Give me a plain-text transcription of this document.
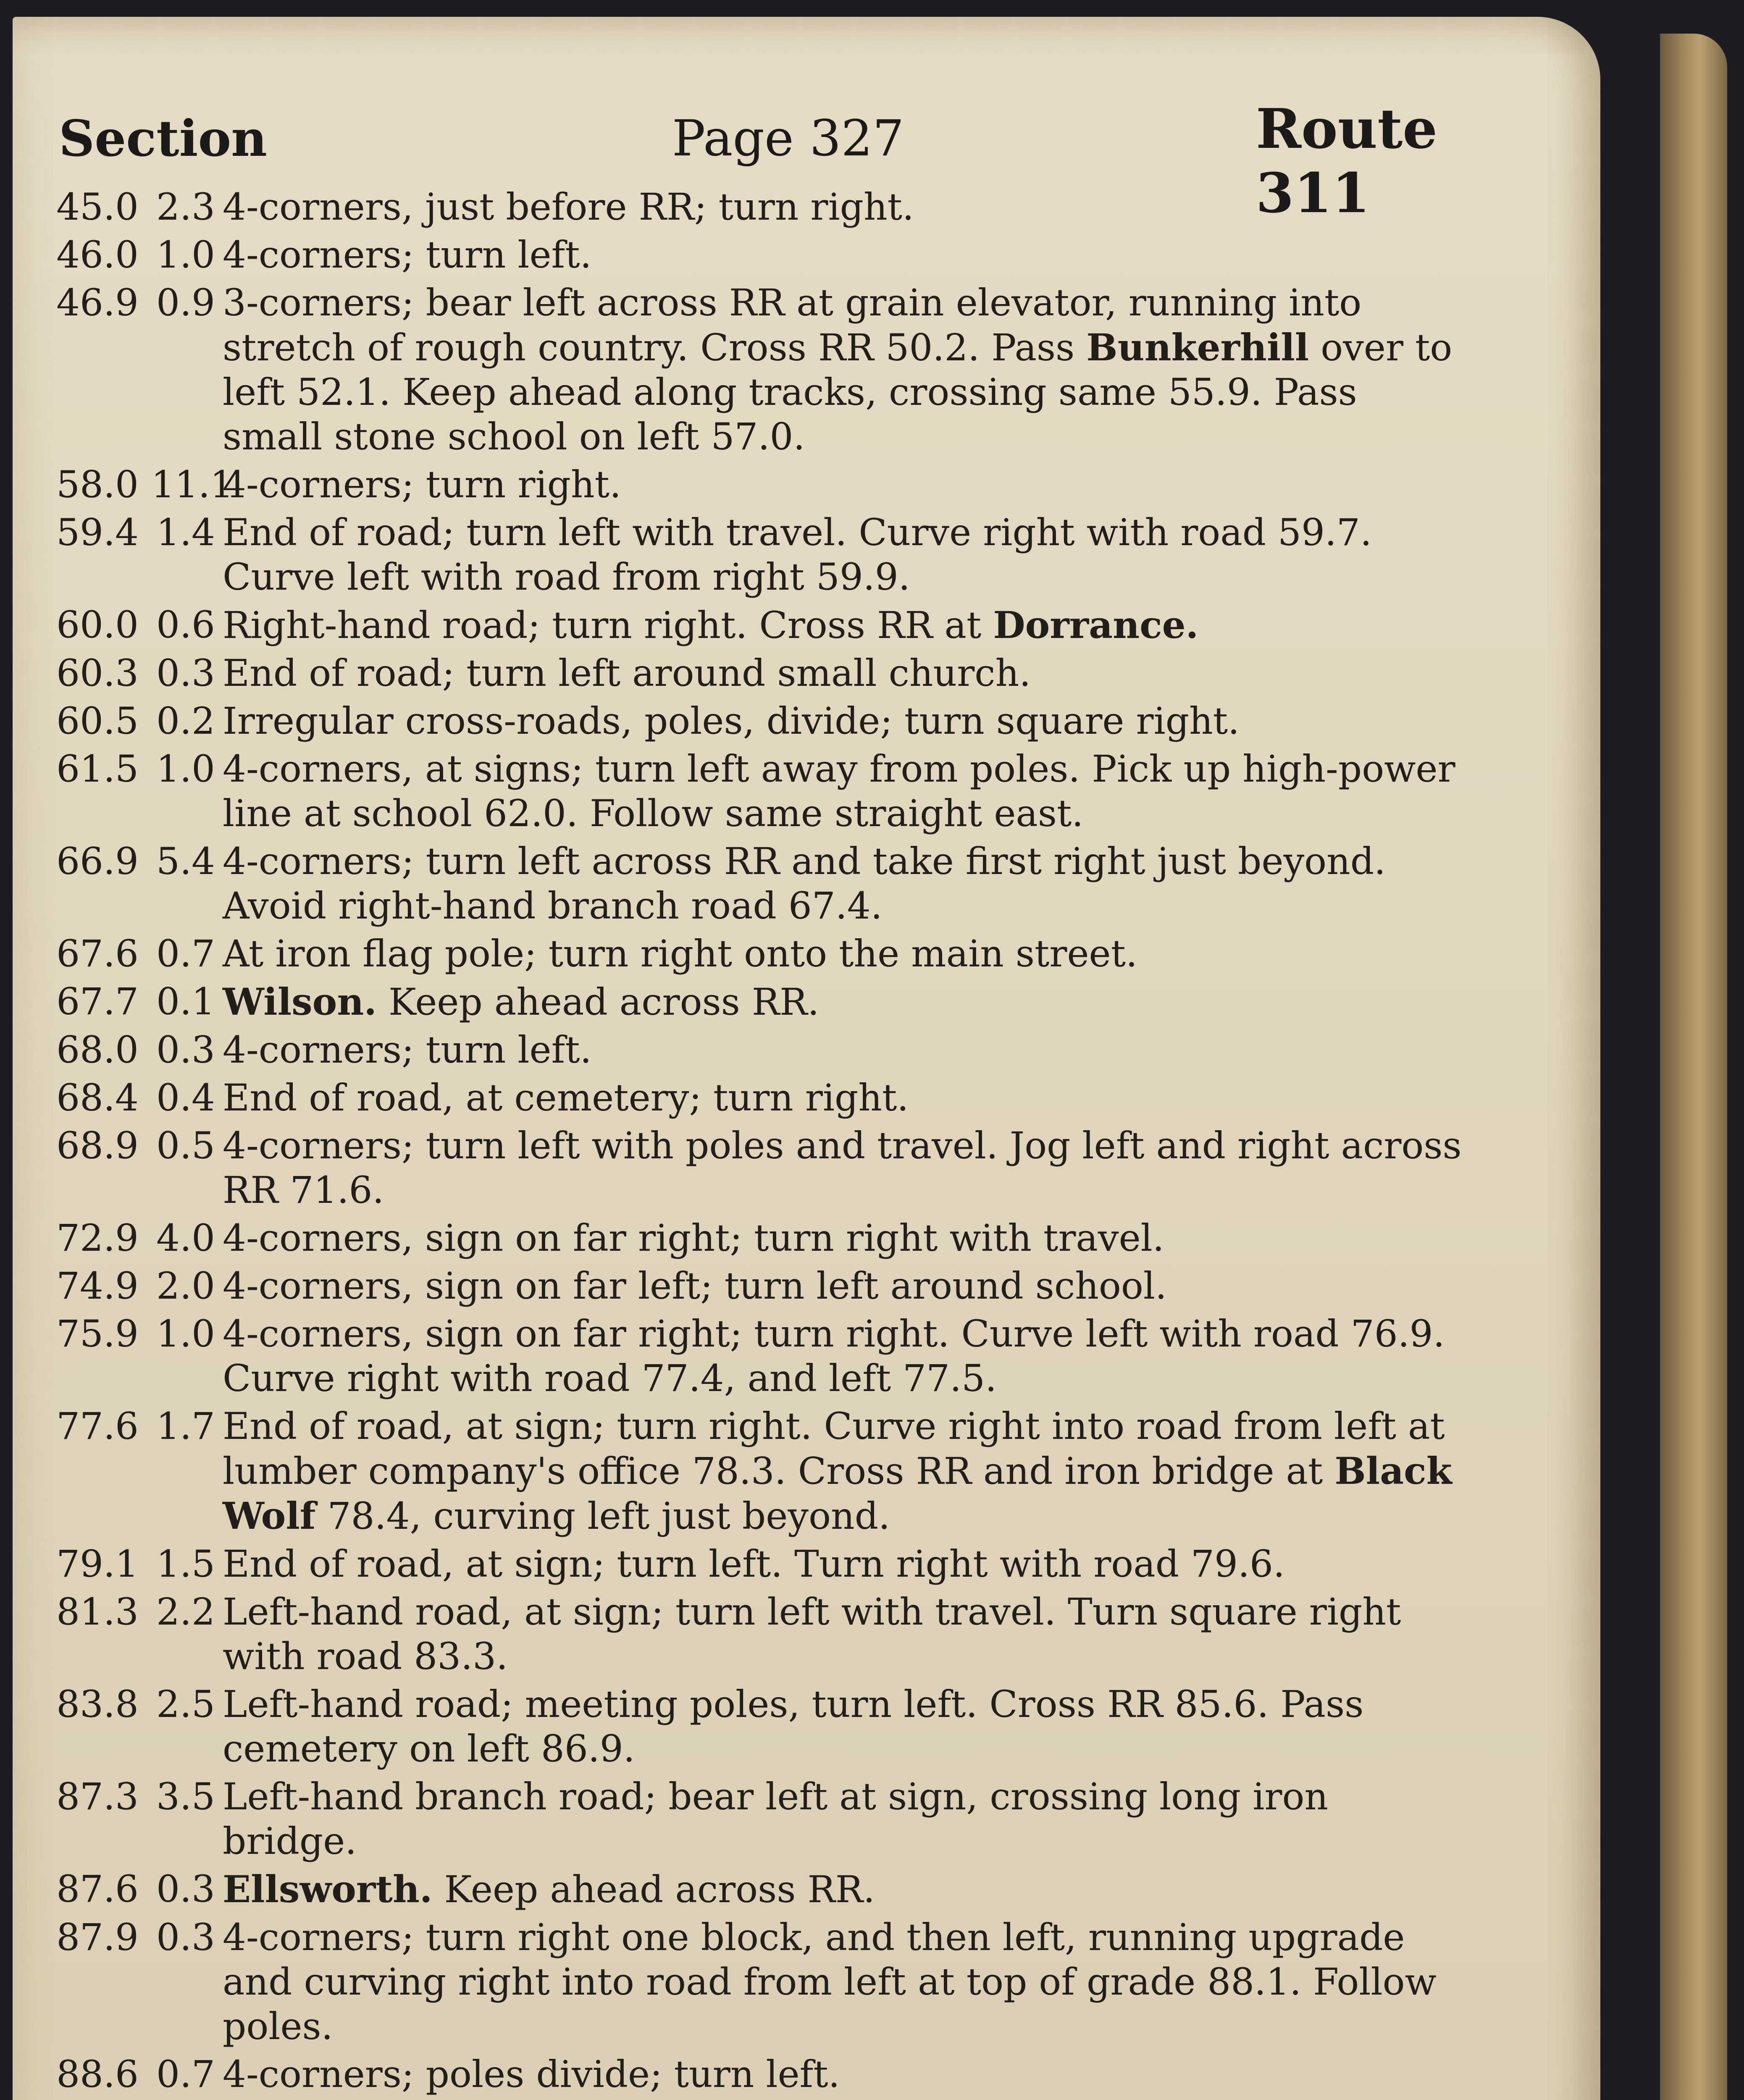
Section	Page 327	Route 311
45.0 2.3 4-corners, just before RR; turn right.
46.0 1.0 4-corners; turn left.
46.9 0.9 3-corners; bear left across RR at grain elevator, running into stretch of rough country. Cross RR 50.2. Pass Bunkerhill over to left 52.1. Keep ahead along tracks, crossing same 55.9. Pass small stone school on left 57.0.
58.0 11.1
4-corners; turn right.
59.4 1.4 End of road; turn left with travel. Curve right with road 59.7. Curve left with road from right 59.9.
60.0 0.6 Right-hand road; turn right. Cross RR at Dorrance.
60.3 0.3 End of road; turn left around small church.
60.5 0.2 Irregular cross-roads, poles, divide; turn square right.
61.5 1.0 4-corners, at signs; turn left away from poles. Pick up high-power line at school 62.0. Follow same straight east.
66.9 5.4 4-corners; turn left across RR and take first right just beyond. Avoid right-hand branch road 67.4.
67.6 0.7 At iron flag pole; turn right onto the main street.
67.7 0.1 Wilson. Keep ahead across RR.
68.0 0.3 4-corners; turn left.
68.4 0.4 End of road, at cemetery; turn right.
68.9 0.5 4-corners; turn left with poles and travel. Jog left and right across RR 71.6.
72.9 4.0 4-corners, sign on far right; turn right with travel.
74.9 2.0 4-corners, sign on far left; turn left around school.
75.9 1.0 4-corners, sign on far right; turn right. Curve left with road 76.9. Curve right with road 77.4, and left 77.5.
77.6 1.7 End of road, at sign; turn right. Curve right into road from left at lumber company's office 78.3. Cross RR and iron bridge at Black Wolf 78.4, curving left just beyond.
79.1 1.5 End of road, at sign; turn left. Turn right with road 79.6.
81.3 2.2 Left-hand road, at sign; turn left with travel. Turn square right with road 83.3.
83.8 2.5 Left-hand road; meeting poles, turn left. Cross RR 85.6. Pass cemetery on left 86.9.
87.3 3.5 Left-hand branch road; bear left at sign, crossing long iron bridge.
87.6 0.3 Ellsworth. Keep ahead across RR.
87.9 0.3 4-corners; turn right one block, and then left, running upgrade and curving right into road from left at top of grade 88.1. Follow poles.
88.6 0.7 4-corners; poles divide; turn left.
